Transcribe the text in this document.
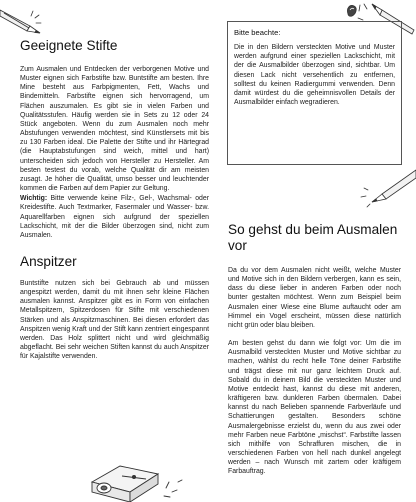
Geeignete Stifte

Zum Ausmalen und Entdecken der verborgenen Motive und Muster eignen sich Farbstifte bzw. Buntstifte am besten. Ihre Mine besteht aus Farbpigmenten, Fett, Wachs und Bindemitteln. Farbstifte eignen sich hervorragend, um Flächen auszumalen. Es gibt sie in vielen Farben und Qualitätsstufen. Häufig werden sie in Sets zu 12 oder 24 Stück angeboten. Wenn du zum Ausmalen noch mehr Abstufungen verwenden möchtest, sind Künstlersets mit bis zu 130 Farben ideal. Die Palette der Stifte und ihr Härtegrad (die Hauptabstufungen sind weich, mittel und hart) unterscheiden sich jedoch von Hersteller zu Hersteller. Am besten testest du vorab, welche Qualität dir am meisten zusagt. Je höher die Qualität, umso besser und leuchtender kommen die Farben auf dem Papier zur Geltung.

Wichtig: Bitte verwende keine Filz-, Gel-, Wachsmal- oder Kreidestifte. Auch Textmarker, Fasermaler und Wasser- bzw. Aquarellfarben eignen sich aufgrund der speziellen Lackschicht, mit der die Bilder überzogen sind, nicht zum Ausmalen.

Anspitzer

Buntstifte nutzen sich bei Gebrauch ab und müssen angespitzt werden, damit du mit ihnen sehr kleine Flächen ausmalen kannst. Anspitzer gibt es in Form von einfachen Metallspitzern, Spitzerdosen für Stifte mit verschiedenen Stärken und als Anspitzmaschinen. Bei diesen erfordert das Anspitzen wenig Kraft und der Stift kann zentriert eingespannt werden. Das Holz splittert nicht und wird gleichmäßig abgeflacht. Bei sehr weichen Stiften kannst du auch Anspitzer für Kajalstifte verwenden.

Bitte beachte:

Die in den Bildern versteckten Motive und Muster werden aufgrund einer speziellen Lackschicht, mit der die Ausmalbilder überzogen sind, sichtbar. Um diesen Lack nicht versehentlich zu entfernen, solltest du keinen Radiergummi verwenden. Denn damit würdest du die geheimnisvollen Details der Ausmalbilder einfach wegradieren.

So gehst du beim Ausmalen vor

Da du vor dem Ausmalen nicht weißt, welche Muster und Motive sich in den Bildern verbergen, kann es sein, dass du diese lieber in anderen Farben oder noch bunter gestalten möchtest. Wenn zum Beispiel beim Ausmalen einer Wiese eine Blume auftaucht oder am Himmel ein Vogel erscheint, müssen diese natürlich nicht grün oder blau bleiben.

Am besten gehst du dann wie folgt vor: Um die im Ausmalbild versteckten Muster und Motive sichtbar zu machen, wählst du recht helle Töne deiner Farbstifte und trägst diese mit nur ganz leichtem Druck auf. Sobald du in deinem Bild die versteckten Muster und Motive entdeckt hast, kannst du diese mit anderen, kräftigeren bzw. dunkleren Farben übermalen. Dabei kannst du nach Belieben spannende Farbverläufe und Schattierungen gestalten. Besonders schöne Ausmalergebnisse erzielst du, wenn du aus zwei oder mehr Farben neue Farbtöne „mischst“. Farbstifte lassen sich mithilfe von Schraffuren mischen, die in verschiedenen Farben von hell nach dunkel angelegt werden – nach Wunsch mit zartem oder kräftigem Farbauftrag.
